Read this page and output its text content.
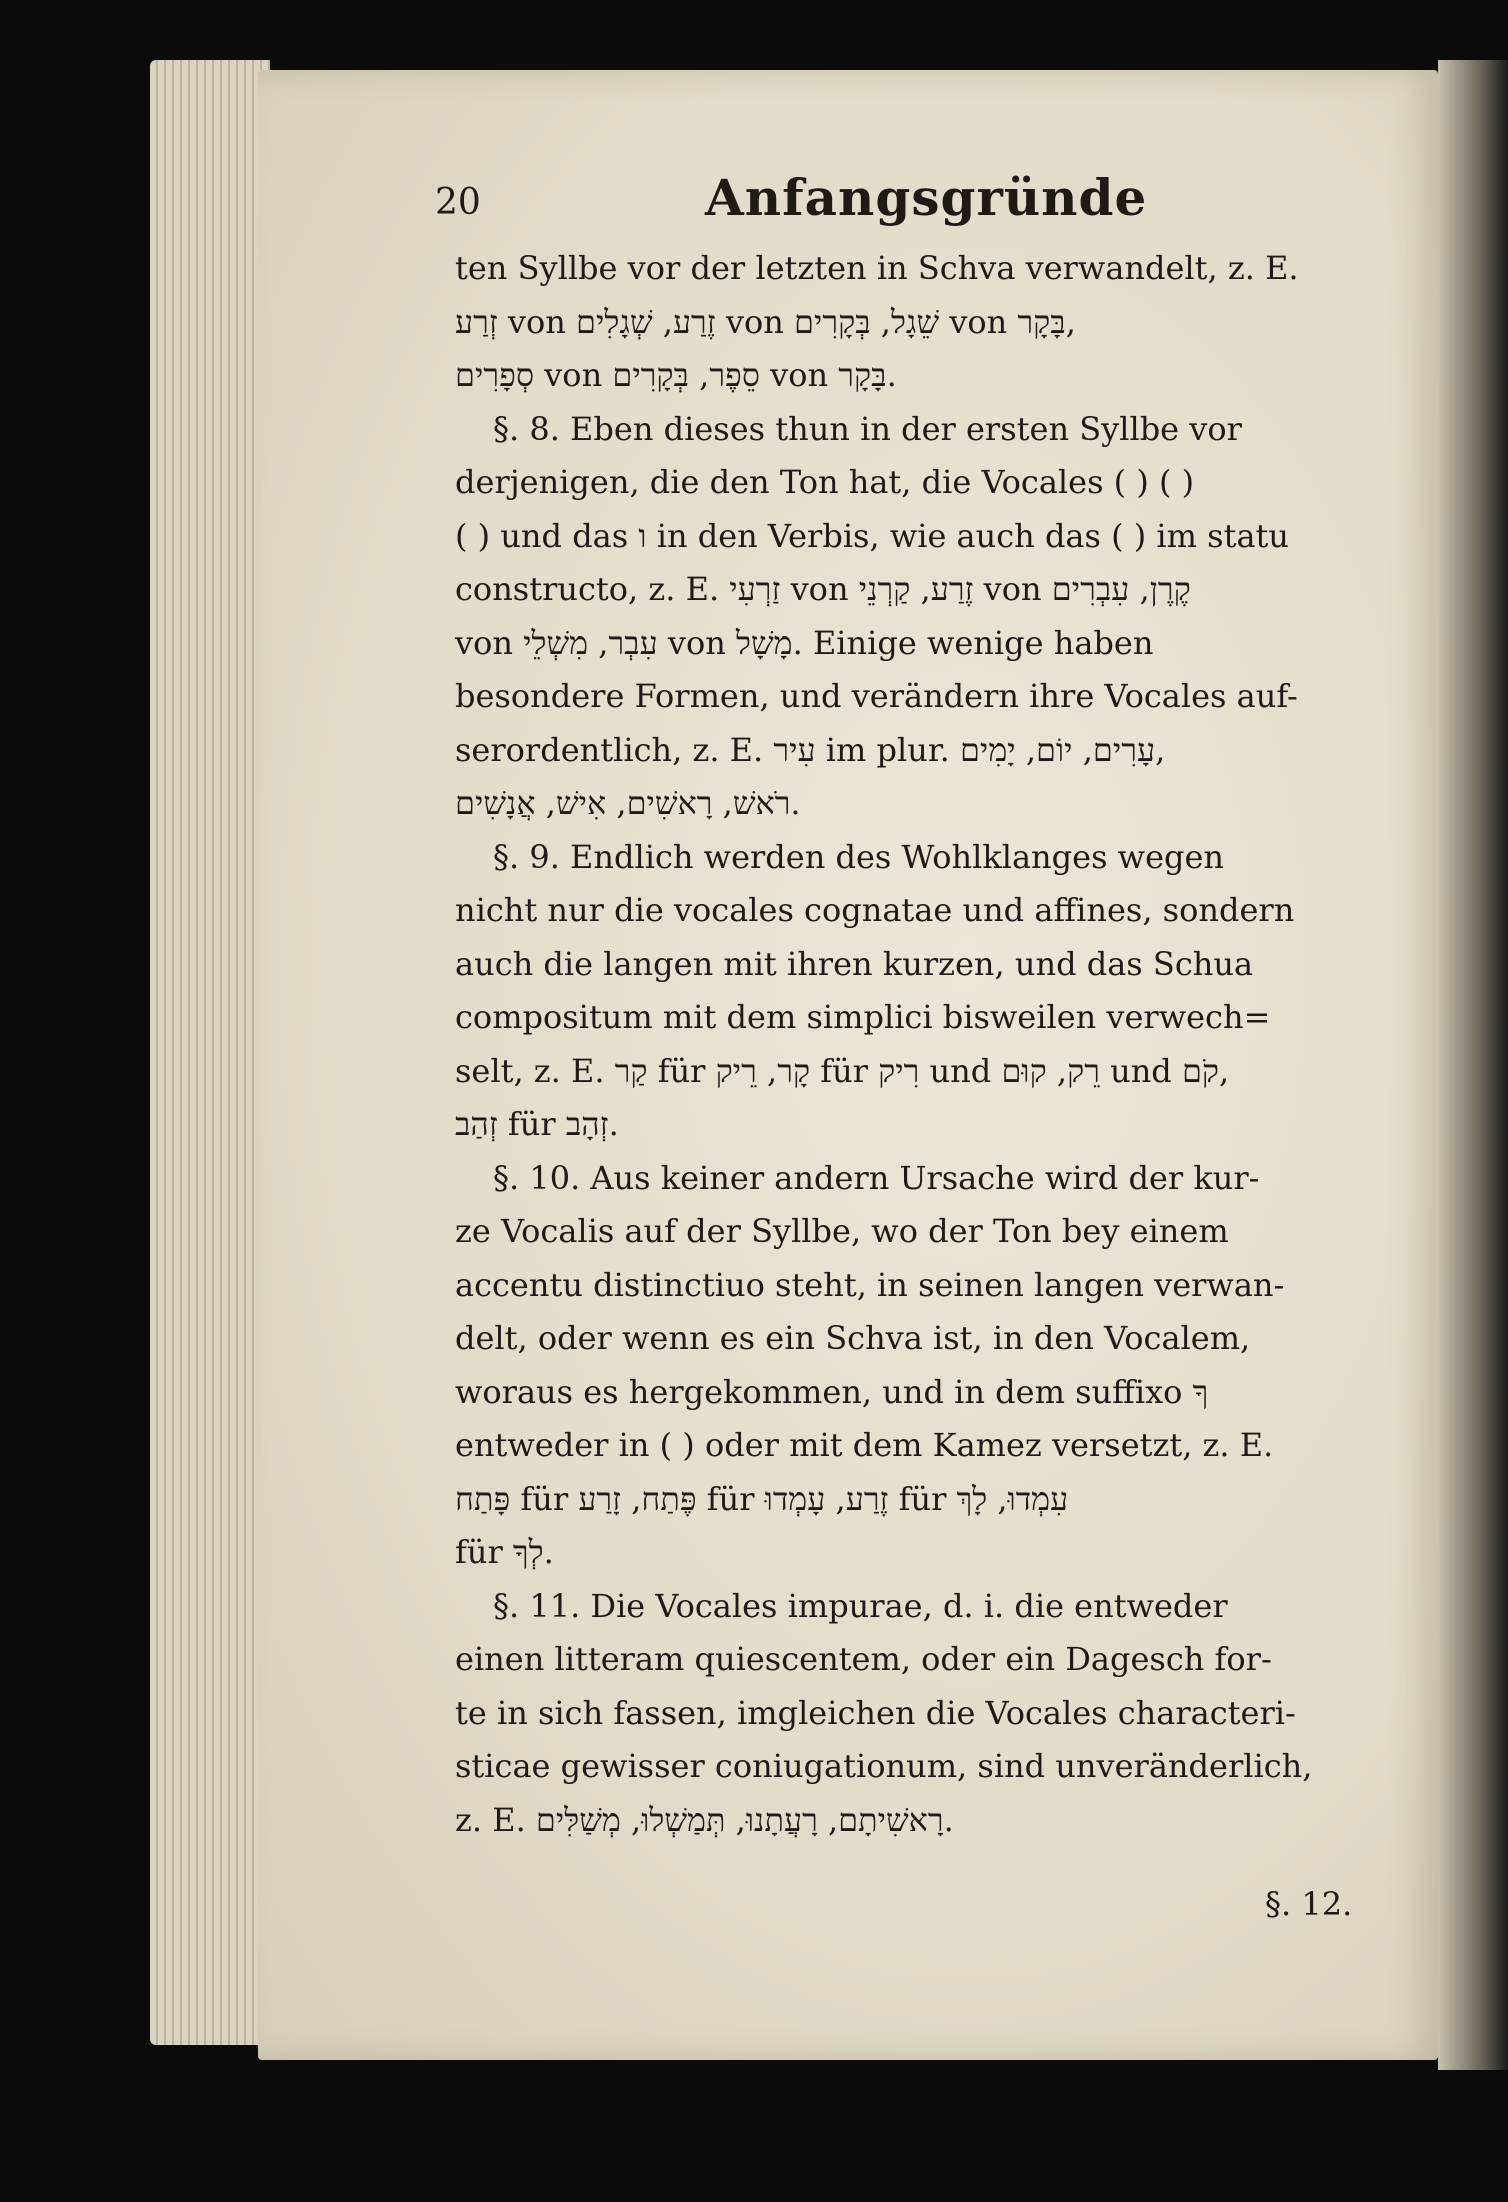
20	Anfangsgründe
ten Syllbe vor der letzten in Schva verwandelt, z. E.
זְרַע von זֶרַע, שְׁגָלִים von שֵׁגָל, בְּקָרִים von בָּקָר,
סְפָרִים von סֵפֶר, בְּקָרִים von בָּקָר.
§. 8. Eben dieses thun in der ersten Syllbe vor
derjenigen, die den Ton hat, die Vocales ( ) ( )
( ) und das ו in den Verbis, wie auch das ( ) im statu
constructo, z. E. זַרְעִי von זֶרַע, קַרְנֵי von קֶרֶן, עִבְרִים
von עִבְר, מִשְׁלֵי von מָשָׁל. Einige wenige haben
besondere Formen, und verändern ihre Vocales auf-
serordentlich, z. E. עִיר im plur. עָרִים, יוֹם, יָמִים,
רֹאשׁ, רָאשִׁים, אִישׁ, אֲנָשִׁים.
§. 9. Endlich werden des Wohlklanges wegen
nicht nur die vocales cognatae und affines, sondern
auch die langen mit ihren kurzen, und das Schua
compositum mit dem simplici bisweilen verwech=
selt, z. E. קַר für קָר, רֵיק für רִיק und רֵק, קוּם und קֹם,
זְהַב für זְהָב.
§. 10. Aus keiner andern Ursache wird der kur-
ze Vocalis auf der Syllbe, wo der Ton bey einem
accentu distinctiuo steht, in seinen langen verwan-
delt, oder wenn es ein Schva ist, in den Vocalem,
woraus es hergekommen, und in dem suffixo ךָ
entweder in ( ) oder mit dem Kamez versetzt, z. E.
פָּתַח für פֶּתַח, זָרַע für זֶרַע, עָמְדוּ für עִמְדוּ, לָךְ
für לְךָ.
§. 11. Die Vocales impurae, d. i. die entweder
einen litteram quiescentem, oder ein Dagesch for-
te in sich fassen, imgleichen die Vocales characteri-
sticae gewisser coniugationum, sind unveränderlich,
z. E. רָאשִׁיתָם, רָעֲתָנוּ, תְּמַשְׁלוּ, מְשַׁלִּים.
§. 12.
